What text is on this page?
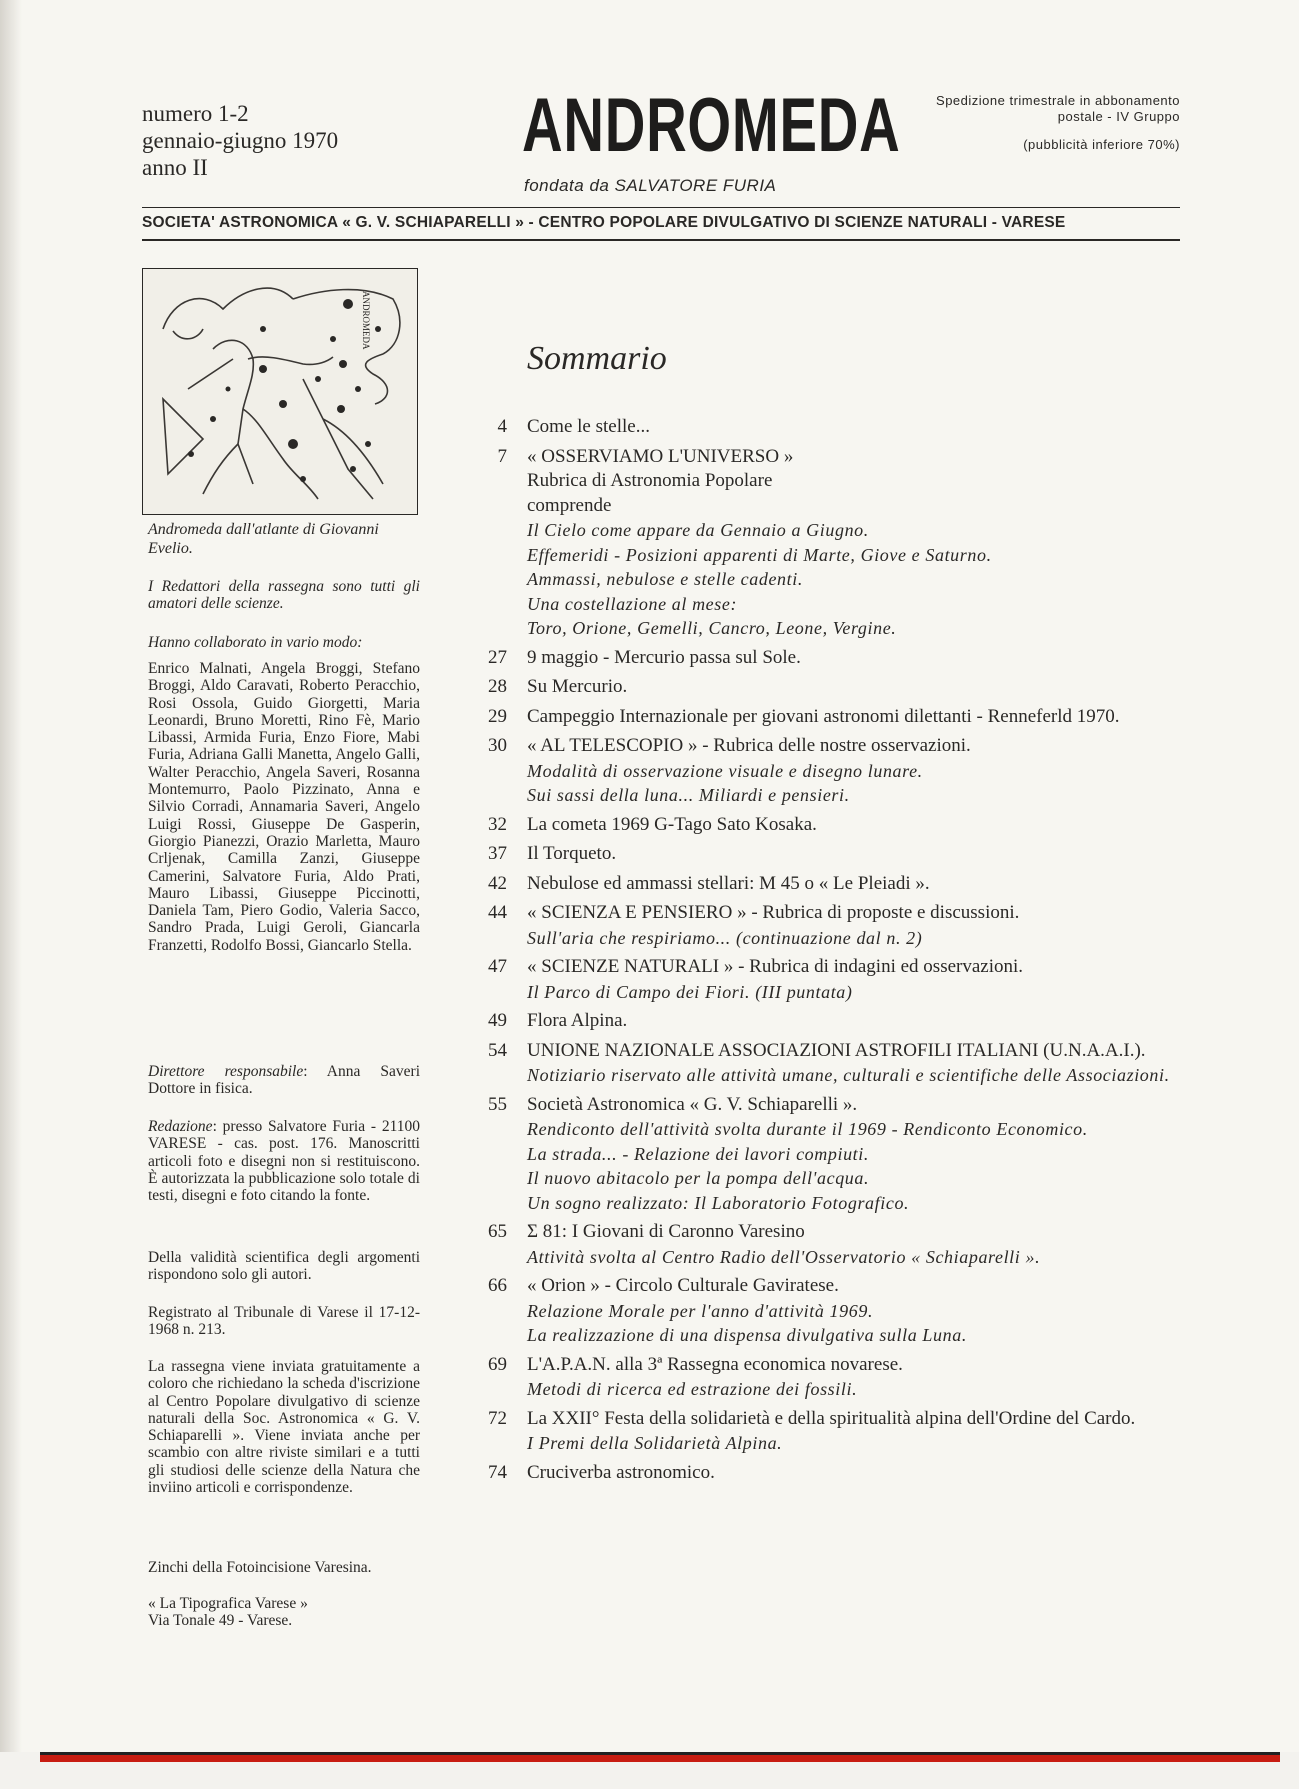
numero 1-2
gennaio-giugno 1970
anno II	ANDROMEDA
fondata da SALVATORE FURIA
Spedizione trimestrale in abbonamento
postale - IV Gruppo
(pubblicità inferiore 70%)
SOCIETA' ASTRONOMICA « G. V. SCHIAPARELLI » - CENTRO POPOLARE DIVULGATIVO DI SCIENZE NATURALI - VARESE
ANDROMEDA
Andromeda dall'atlante di Giovanni Evelio.
I Redattori della rassegna sono tutti gli amatori delle scienze.
Hanno collaborato in vario modo:
Enrico Malnati, Angela Broggi, Stefano Broggi, Aldo Caravati, Roberto Peracchio, Rosi Ossola, Guido Giorgetti, Maria Leonardi, Bruno Moretti, Rino Fè, Mario Libassi, Armida Furia, Enzo Fiore, Mabi Furia, Adriana Galli Manetta, Angelo Galli, Walter Peracchio, Angela Saveri, Rosanna Montemurro, Paolo Pizzinato, Anna e Silvio Corradi, Annamaria Saveri, Angelo Luigi Rossi, Giuseppe De Gasperin, Giorgio Pianezzi, Orazio Marletta, Mauro Crljenak, Camilla Zanzi, Giuseppe Camerini, Salvatore Furia, Aldo Prati, Mauro Libassi, Giuseppe Piccinotti, Daniela Tam, Piero Godio, Valeria Sacco, Sandro Prada, Luigi Geroli, Giancarla Franzetti, Rodolfo Bossi, Giancarlo Stella.
Direttore responsabile: Anna Saveri Dottore in fisica.
Redazione: presso Salvatore Furia - 21100 VARESE - cas. post. 176. Manoscritti articoli foto e disegni non si restituiscono. È autorizzata la pubblicazione solo totale di testi, disegni e foto citando la fonte.
Della validità scientifica degli argomenti rispondono solo gli autori.
Registrato al Tribunale di Varese il 17-12-1968 n. 213.
La rassegna viene inviata gratuitamente a coloro che richiedano la scheda d'iscrizione al Centro Popolare divulgativo di scienze naturali della Soc. Astronomica « G. V. Schiaparelli ». Viene inviata anche per scambio con altre riviste similari e a tutti gli studiosi delle scienze della Natura che inviino articoli e corrispondenze.
Zinchi della Fotoincisione Varesina.
« La Tipografica Varese »
Via Tonale 49 - Varese.
Sommario
4 Come le stelle...
7 « OSSERVIAMO L'UNIVERSO »
Rubrica di Astronomia Popolare
comprende
Il Cielo come appare da Gennaio a Giugno.
Effemeridi - Posizioni apparenti di Marte, Giove e Saturno.
Ammassi, nebulose e stelle cadenti.
Una costellazione al mese:
Toro, Orione, Gemelli, Cancro, Leone, Vergine.
27 9 maggio - Mercurio passa sul Sole.
28 Su Mercurio.
29 Campeggio Internazionale per giovani astronomi dilettanti - Renneferld 1970.
30 « AL TELESCOPIO » - Rubrica delle nostre osservazioni.
Modalità di osservazione visuale e disegno lunare.
Sui sassi della luna... Miliardi e pensieri.
32 La cometa 1969 G-Tago Sato Kosaka.
37 Il Torqueto.
42 Nebulose ed ammassi stellari: M 45 o « Le Pleiadi ».
44 « SCIENZA E PENSIERO » - Rubrica di proposte e discussioni.
Sull'aria che respiriamo... (continuazione dal n. 2)
47 « SCIENZE NATURALI » - Rubrica di indagini ed osservazioni.
Il Parco di Campo dei Fiori. (III puntata)
49 Flora Alpina.
54 UNIONE NAZIONALE ASSOCIAZIONI ASTROFILI ITALIANI (U.N.A.A.I.).
Notiziario riservato alle attività umane, culturali e scientifiche delle Associazioni.
55 Società Astronomica « G. V. Schiaparelli ».
Rendiconto dell'attività svolta durante il 1969 - Rendiconto Economico.
La strada... - Relazione dei lavori compiuti.
Il nuovo abitacolo per la pompa dell'acqua.
Un sogno realizzato: Il Laboratorio Fotografico.
65 Σ 81: I Giovani di Caronno Varesino
Attività svolta al Centro Radio dell'Osservatorio « Schiaparelli ».
66 « Orion » - Circolo Culturale Gaviratese.
Relazione Morale per l'anno d'attività 1969.
La realizzazione di una dispensa divulgativa sulla Luna.
69 L'A.P.A.N. alla 3ª Rassegna economica novarese.
Metodi di ricerca ed estrazione dei fossili.
72 La XXII° Festa della solidarietà e della spiritualità alpina dell'Ordine del Cardo.
I Premi della Solidarietà Alpina.
74 Cruciverba astronomico.
